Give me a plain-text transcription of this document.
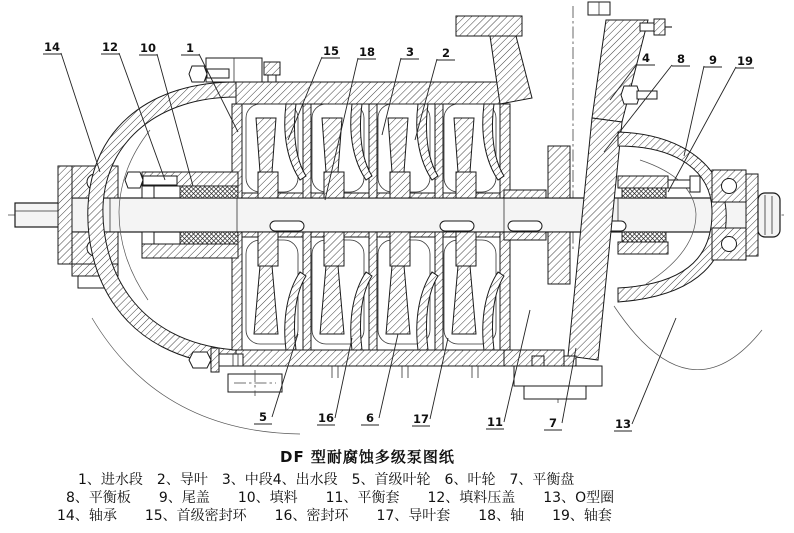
14	12 10	1	15 18	3 2	4 8 9 19
5	16	6	17	11	7	13
DF 型耐腐蚀多级泵图纸
1、进水段　2、导叶　3、中段4、出水段　5、首级叶轮　6、叶轮　7、平衡盘
8、平衡板　　9、尾盖　　10、填料　　11、平衡套　　12、填料压盖　　13、O型圈
14、轴承　　15、首级密封环　　16、密封环　　17、导叶套　　18、轴　　19、轴套
